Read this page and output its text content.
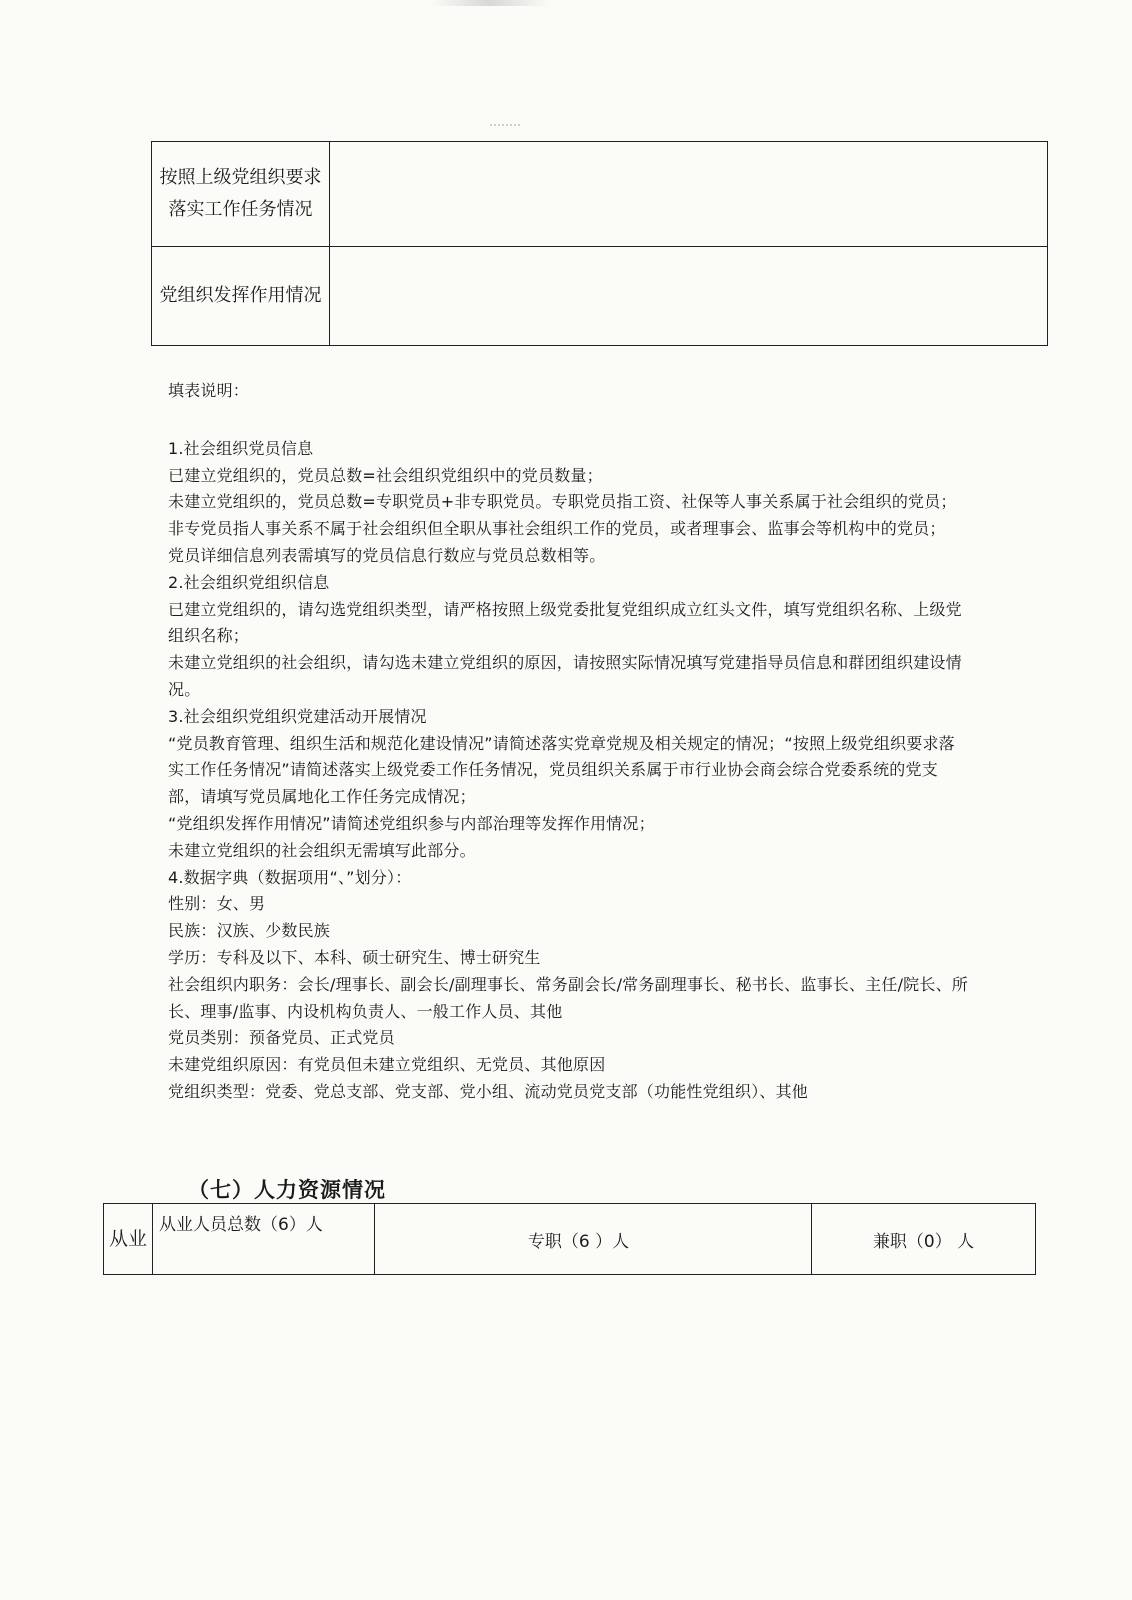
按照上级党组织要求落实工作任务情况	
党组织发挥作用情况	

填表说明：

1.社会组织党员信息

已建立党组织的，党员总数=社会组织党组织中的党员数量；

未建立党组织的，党员总数=专职党员+非专职党员。专职党员指工资、社保等人事关系属于社会组织的党员；非专党员指人事关系不属于社会组织但全职从事社会组织工作的党员，或者理事会、监事会等机构中的党员；

党员详细信息列表需填写的党员信息行数应与党员总数相等。

2.社会组织党组织信息

已建立党组织的，请勾选党组织类型，请严格按照上级党委批复党组织成立红头文件，填写党组织名称、上级党组织名称；

未建立党组织的社会组织，请勾选未建立党组织的原因，请按照实际情况填写党建指导员信息和群团组织建设情况。

3.社会组织党组织党建活动开展情况

“党员教育管理、组织生活和规范化建设情况”请简述落实党章党规及相关规定的情况；“按照上级党组织要求落实工作任务情况”请简述落实上级党委工作任务情况，党员组织关系属于市行业协会商会综合党委系统的党支部，请填写党员属地化工作任务完成情况；

“党组织发挥作用情况”请简述党组织参与内部治理等发挥作用情况；

未建立党组织的社会组织无需填写此部分。

4.数据字典（数据项用“、”划分）：

性别：女、男

民族：汉族、少数民族

学历：专科及以下、本科、硕士研究生、博士研究生

社会组织内职务：会长/理事长、副会长/副理事长、常务副会长/常务副理事长、秘书长、监事长、主任/院长、所长、理事/监事、内设机构负责人、一般工作人员、其他

党员类别：预备党员、正式党员

未建党组织原因：有党员但未建立党组织、无党员、其他原因

党组织类型：党委、党总支部、党支部、党小组、流动党员党支部（功能性党组织）、其他

（七）人力资源情况
从业	从业人员总数（6）人	专职（6 ）人	兼职（0） 人
